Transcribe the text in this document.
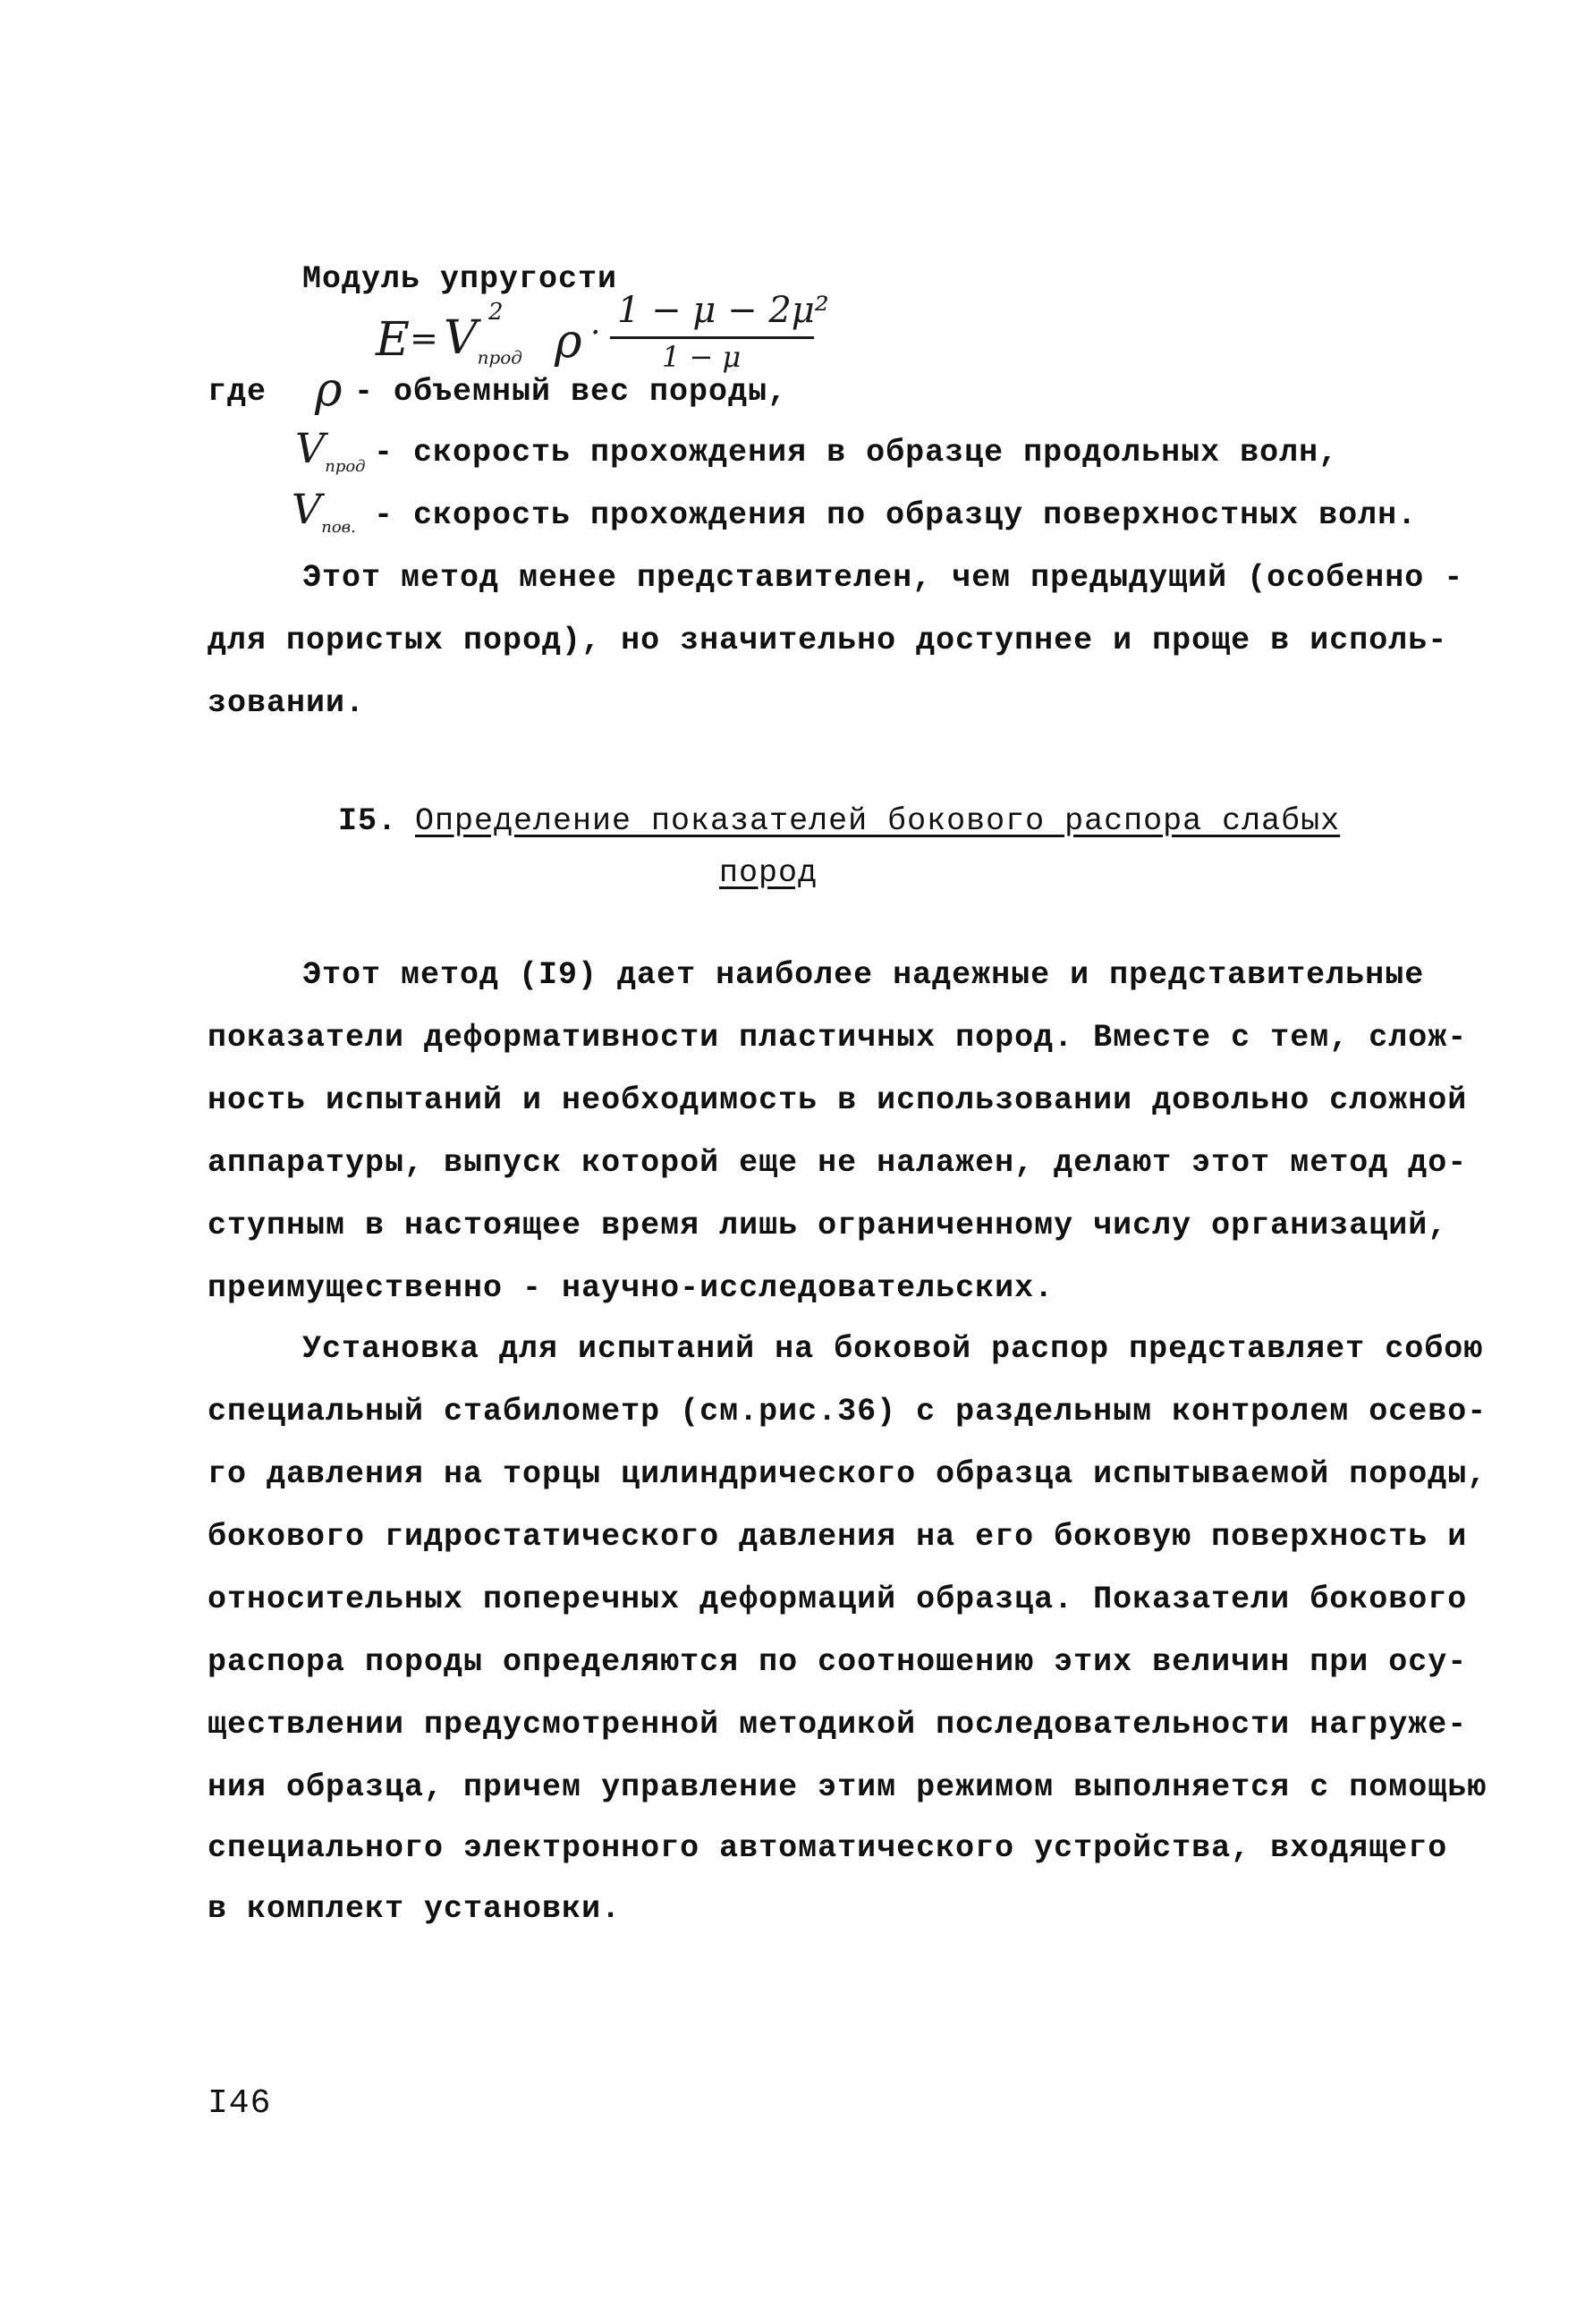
Модуль упругости
$E = V_{прод}$
2
ρ ·
1 − μ − 2μ²
1 − μ
где ρ - объемный вес породы,
$V_{прод}$ - скорость прохождения в образце продольных волн,
$V_{пов.}$ - скорость прохождения по образцу поверхностных волн.
Этот метод менее представителен, чем предыдущий (особенно -
для пористых пород), но значительно доступнее и проще в исполь-
зовании.
I5. Определение показателей бокового распора слабых
пород
Этот метод (I9) дает наиболее надежные и представительные
показатели деформативности пластичных пород. Вместе с тем, слож-
ность испытаний и необходимость в использовании довольно сложной
аппаратуры, выпуск которой еще не налажен, делают этот метод до-
ступным в настоящее время лишь ограниченному числу организаций,
преимущественно - научно-исследовательских.
Установка для испытаний на боковой распор представляет собою
специальный стабилометр (см.рис.36) с раздельным контролем осево-
го давления на торцы цилиндрического образца испытываемой породы,
бокового гидростатического давления на его боковую поверхность и
относительных поперечных деформаций образца. Показатели бокового
распора породы определяются по соотношению этих величин при осу-
ществлении предусмотренной методикой последовательности нагруже-
ния образца, причем управление этим режимом выполняется с помощью
специального электронного автоматического устройства, входящего
в комплект установки.
I46
